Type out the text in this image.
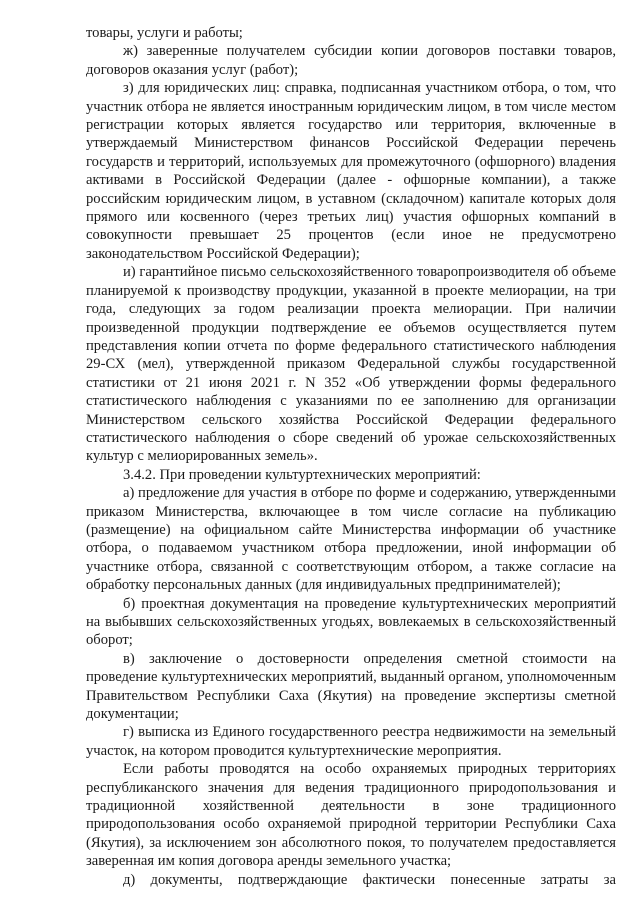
товары, услуги и работы;

ж) заверенные получателем субсидии копии договоров поставки товаров, договоров оказания услуг (работ);

з) для юридических лиц: справка, подписанная участником отбора, о том, что участник отбора не является иностранным юридическим лицом, в том числе местом регистрации которых является государство или территория, включенные в утверждаемый Министерством финансов Российской Федерации перечень государств и территорий, используемых для промежуточного (офшорного) владения активами в Российской Федерации (далее - офшорные компании), а также российским юридическим лицом, в уставном (складочном) капитале которых доля прямого или косвенного (через третьих лиц) участия офшорных компаний в совокупности превышает 25 процентов (если иное не предусмотрено законодательством Российской Федерации);

и) гарантийное письмо сельскохозяйственного товаропроизводителя об объеме планируемой к производству продукции, указанной в проекте мелиорации, на три года, следующих за годом реализации проекта мелиорации. При наличии произведенной продукции подтверждение ее объемов осуществляется путем представления копии отчета по форме федерального статистического наблюдения 29-СХ (мел), утвержденной приказом Федеральной службы государственной статистики от 21 июня 2021 г. N 352 «Об утверждении формы федерального статистического наблюдения с указаниями по ее заполнению для организации Министерством сельского хозяйства Российской Федерации федерального статистического наблюдения о сборе сведений об урожае сельскохозяйственных культур с мелиорированных земель».

3.4.2. При проведении культуртехнических мероприятий:

а) предложение для участия в отборе по форме и содержанию, утвержденными приказом Министерства, включающее в том числе согласие на публикацию (размещение) на официальном сайте Министерства информации об участнике отбора, о подаваемом участником отбора предложении, иной информации об участнике отбора, связанной с соответствующим отбором, а также согласие на обработку персональных данных (для индивидуальных предпринимателей);

б) проектная документация на проведение культуртехнических мероприятий на выбывших сельскохозяйственных угодьях, вовлекаемых в сельскохозяйственный оборот;

в) заключение о достоверности определения сметной стоимости на проведение культуртехнических мероприятий, выданный органом, уполномоченным Правительством Республики Саха (Якутия) на проведение экспертизы сметной документации;

г) выписка из Единого государственного реестра недвижимости на земельный участок, на котором проводится культуртехнические мероприятия.

Если работы проводятся на особо охраняемых природных территориях республиканского значения для ведения традиционного природопользования и традиционной хозяйственной деятельности в зоне традиционного природопользования особо охраняемой природной территории Республики Саха (Якутия), за исключением зон абсолютного покоя, то получателем предоставляется заверенная им копия договора аренды земельного участка;

д) документы, подтверждающие фактически понесенные затраты за
